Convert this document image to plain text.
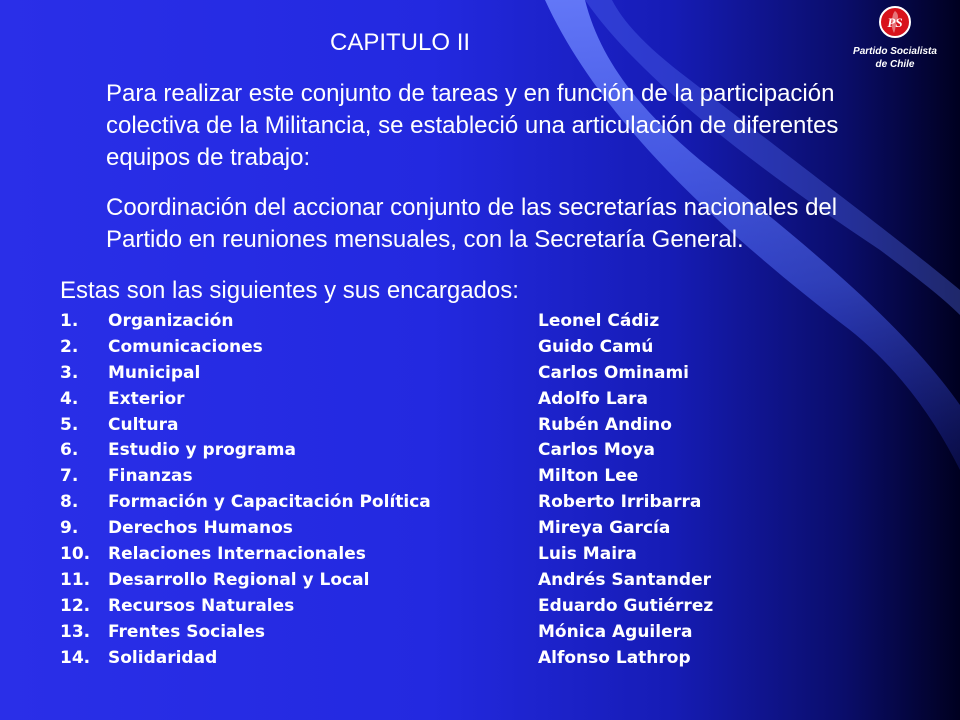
PS
Partido Socialista
de Chile
CAPITULO II
Para realizar este conjunto de tareas y en función de la participación colectiva de la Militancia, se estableció una articulación de diferentes equipos de trabajo:
Coordinación del accionar conjunto de las secretarías nacionales del Partido en reuniones mensuales, con la Secretaría General.
Estas son las siguientes y sus encargados:
1. Organización	Leonel Cádiz
2. Comunicaciones	Guido Camú
3. Municipal	Carlos Ominami
4. Exterior	Adolfo Lara
5. Cultura	Rubén Andino
6. Estudio y programa	Carlos Moya
7. Finanzas	Milton Lee
8. Formación y Capacitación Política	Roberto Irribarra
9. Derechos Humanos	Mireya García
10. Relaciones Internacionales	Luis Maira
11. Desarrollo Regional y Local	Andrés Santander
12. Recursos Naturales	Eduardo Gutiérrez
13. Frentes Sociales	Mónica Aguilera
14. Solidaridad	Alfonso Lathrop
